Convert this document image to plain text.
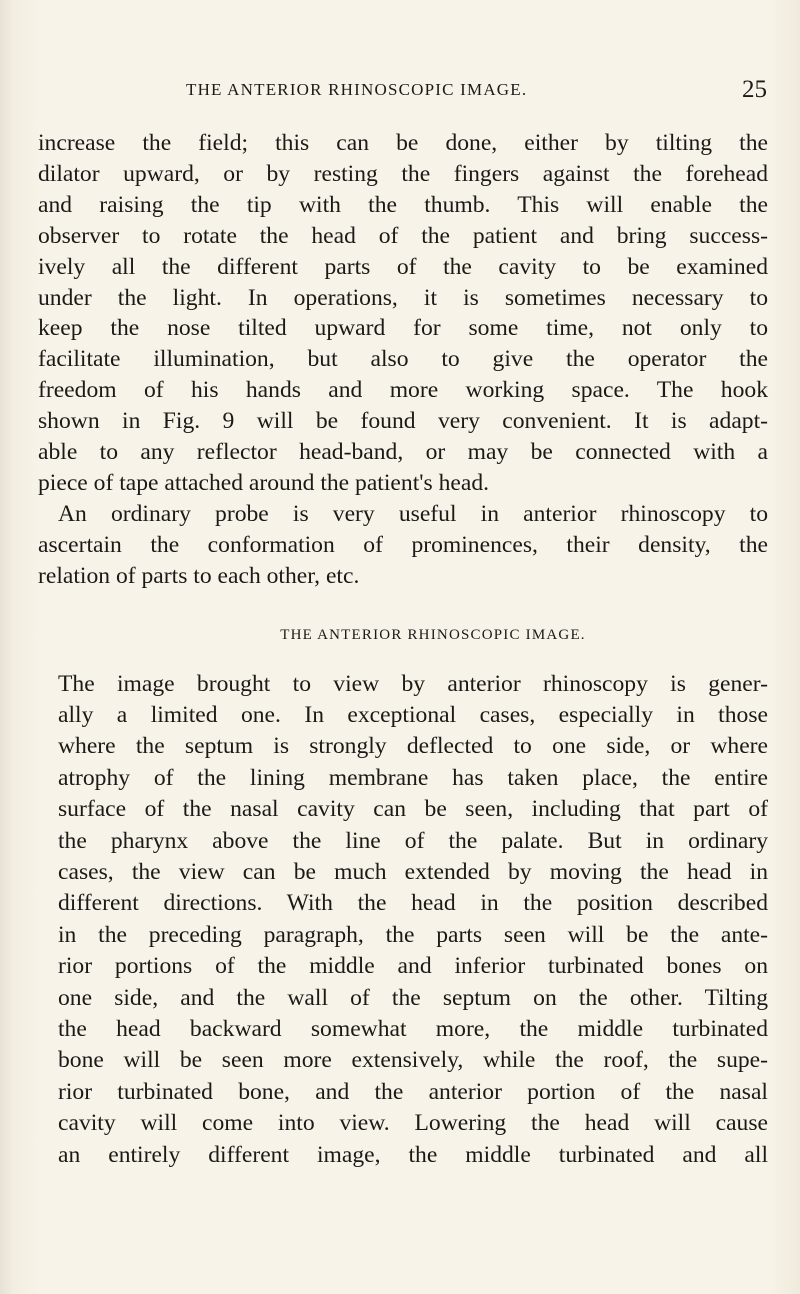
THE ANTERIOR RHINOSCOPIC IMAGE.	25

increase the field; this can be done, either by tilting the
dilator upward, or by resting the fingers against the forehead
and raising the tip with the thumb. This will enable the
observer to rotate the head of the patient and bring success-
ively all the different parts of the cavity to be examined
under the light. In operations, it is sometimes necessary to
keep the nose tilted upward for some time, not only to
facilitate illumination, but also to give the operator the
freedom of his hands and more working space. The hook
shown in Fig. 9 will be found very convenient. It is adapt-
able to any reflector head-band, or may be connected with a
piece of tape attached around the patient's head.

An ordinary probe is very useful in anterior rhinoscopy to
ascertain the conformation of prominences, their density, the
relation of parts to each other, etc.

THE ANTERIOR RHINOSCOPIC IMAGE.

The image brought to view by anterior rhinoscopy is gener-
ally a limited one. In exceptional cases, especially in those
where the septum is strongly deflected to one side, or where
atrophy of the lining membrane has taken place, the entire
surface of the nasal cavity can be seen, including that part of
the pharynx above the line of the palate. But in ordinary
cases, the view can be much extended by moving the head in
different directions. With the head in the position described
in the preceding paragraph, the parts seen will be the ante-
rior portions of the middle and inferior turbinated bones on
one side, and the wall of the septum on the other. Tilting
the head backward somewhat more, the middle turbinated
bone will be seen more extensively, while the roof, the supe-
rior turbinated bone, and the anterior portion of the nasal
cavity will come into view. Lowering the head will cause
an entirely different image, the middle turbinated and all
